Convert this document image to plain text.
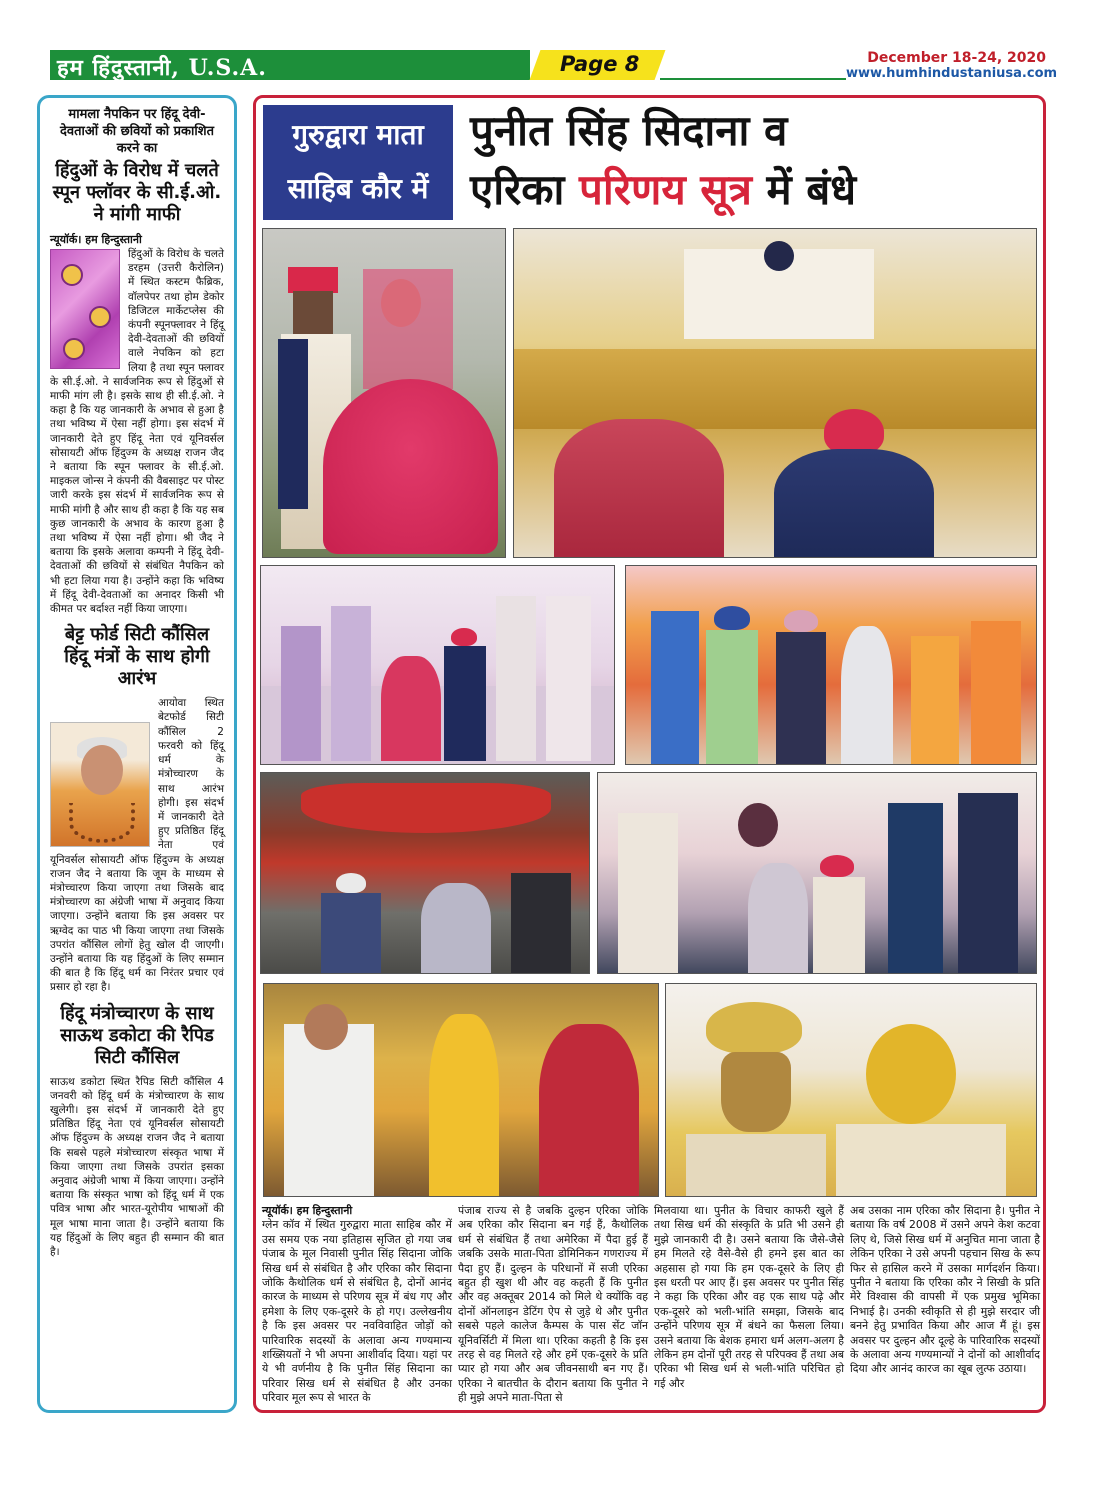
हम हिंदुस्तानी, U.S.A.	Page 8	December 18-24, 2020
www.humhindustaniusa.com
मामला नैपकिन पर हिंदू देवी-देवताओं की छवियों को प्रकाशित करने का
हिंदुओं के विरोध में चलते स्पून फ्लॉवर के सी.ई.ओ. ने मांगी माफी
न्यूयॉर्क। हम हिन्दुस्तानी
हिंदुओं के विरोध के चलते डरहम (उत्तरी कैरोलिन) में स्थित कस्टम फैब्रिक, वॉलपेपर तथा होम डेकोर डिजिटल मार्केटप्लेस की कंपनी स्पूनफ्लावर ने हिंदू देवी-देवताओं की छवियों वाले नेपकिन को हटा लिया है तथा स्पून फ्लावर के सी.ई.ओ. ने सार्वजनिक रूप से हिंदुओं से माफी मांग ली है। इसके साथ ही सी.ई.ओ. ने कहा है कि यह जानकारी के अभाव से हुआ है तथा भविष्य में ऐसा नहीं होगा। इस संदर्भ में जानकारी देते हुए हिंदू नेता एवं यूनिवर्सल सोसायटी ऑफ हिंदुज्म के अध्यक्ष राजन जैद ने बताया कि स्पून फ्लावर के सी.ई.ओ. माइकल जोन्स ने कंपनी की वैबसाइट पर पोस्ट जारी करके इस संदर्भ में सार्वजनिक रूप से माफी मांगी है और साथ ही कहा है कि यह सब कुछ जानकारी के अभाव के कारण हुआ है तथा भविष्य में ऐसा नहीं होगा। श्री जैद ने बताया कि इसके अलावा कम्पनी ने हिंदू देवी-देवताओं की छवियों से संबंधित नैपकिन को भी हटा लिया गया है। उन्होंने कहा कि भविष्य में हिंदू देवी-देवताओं का अनादर किसी भी कीमत पर बर्दाश्त नहीं किया जाएगा।
बेट्ट फोर्ड सिटी कौंसिल हिंदू मंत्रों के साथ होगी आरंभ
आयोवा स्थित बेटफोर्ड सिटी कौंसिल 2 फरवरी को हिंदू धर्म के मंत्रोच्चारण के साथ आरंभ होगी। इस संदर्भ में जानकारी देते हुए प्रतिष्ठित हिंदू नेता एवं यूनिवर्सल सोसायटी ऑफ हिंदुज्म के अध्यक्ष राजन जैद ने बताया कि जूम के माध्यम से मंत्रोच्चारण किया जाएगा तथा जिसके बाद मंत्रोच्चारण का अंग्रेजी भाषा में अनुवाद किया जाएगा। उन्होंने बताया कि इस अवसर पर ऋग्वेद का पाठ भी किया जाएगा तथा जिसके उपरांत कौंसिल लोगों हेतु खोल दी जाएगी। उन्होंने बताया कि यह हिंदुओं के लिए सम्मान की बात है कि हिंदू धर्म का निरंतर प्रचार एवं प्रसार हो रहा है।
हिंदू मंत्रोच्चारण के साथ साऊथ डकोटा की रैपिड सिटी कौंसिल
साऊथ डकोटा स्थित रैपिड सिटी कौंसिल 4 जनवरी को हिंदू धर्म के मंत्रोच्चारण के साथ खुलेगी। इस संदर्भ में जानकारी देते हुए प्रतिष्ठित हिंदू नेता एवं यूनिवर्सल सोसायटी ऑफ हिंदुज्म के अध्यक्ष राजन जैद ने बताया कि सबसे पहले मंत्रोच्चारण संस्कृत भाषा में किया जाएगा तथा जिसके उपरांत इसका अनुवाद अंग्रेजी भाषा में किया जाएगा। उन्होंने बताया कि संस्कृत भाषा को हिंदू धर्म में एक पवित्र भाषा और भारत-यूरोपीय भाषाओं की मूल भाषा माना जाता है। उन्होंने बताया कि यह हिंदुओं के लिए बहुत ही सम्मान की बात है।
गुरुद्वारा माता साहिब कौर में
पुनीत सिंह सिदाना व
एरिका परिणय सूत्र में बंधे
न्यूयॉर्क। हम हिन्दुस्तानी
ग्लेन कॉव में स्थित गुरुद्वारा माता साहिब कौर में उस समय एक नया इतिहास सृजित हो गया जब पंजाब के मूल निवासी पुनीत सिंह सिदाना जोकि सिख धर्म से संबंधित है और एरिका कौर सिदाना जोकि कैथोलिक धर्म से संबंधित है, दोनों आनंद कारज के माध्यम से परिणय सूत्र में बंध गए और हमेशा के लिए एक-दूसरे के हो गए। उल्लेखनीय है कि इस अवसर पर नवविवाहित जोड़ों को पारिवारिक सदस्यों के अलावा अन्य गण्यमान्य शख्सियतों ने भी अपना आशीर्वाद दिया। यहां पर ये भी वर्णनीय है कि पुनीत सिंह सिदाना का परिवार सिख धर्म से संबंधित है और उनका परिवार मूल रूप से भारत के
पंजाब राज्य से है जबकि दुल्हन एरिका जोकि अब एरिका कौर सिदाना बन गई हैं, कैथोलिक धर्म से संबंधित हैं तथा अमेरिका में पैदा हुई हैं जबकि उसके माता-पिता डोमिनिकन गणराज्य में पैदा हुए हैं। दुल्हन के परिधानों में सजी एरिका बहुत ही खुश थी और वह कहती हैं कि पुनीत और वह अक्तूबर 2014 को मिले थे क्योंकि वह दोनों ऑनलाइन डेटिंग ऐप से जुड़े थे और पुनीत सबसे पहले कालेज कैम्पस के पास सेंट जॉन यूनिवर्सिटी में मिला था। एरिका कहती है कि इस तरह से वह मिलते रहे और हमें एक-दूसरे के प्रति प्यार हो गया और अब जीवनसाथी बन गए हैं। एरिका ने बातचीत के दौरान बताया कि पुनीत ने ही मुझे अपने माता-पिता से
मिलवाया था। पुनीत के विचार काफरी खुले हैं तथा सिख धर्म की संस्कृति के प्रति भी उसने ही मुझे जानकारी दी है। उसने बताया कि जैसे-जैसे हम मिलते रहे वैसे-वैसे ही हमने इस बात का अहसास हो गया कि हम एक-दूसरे के लिए ही इस धरती पर आए हैं। इस अवसर पर पुनीत सिंह ने कहा कि एरिका और वह एक साथ पढ़े और एक-दूसरे को भली-भांति समझा, जिसके बाद उन्होंने परिणय सूत्र में बंधने का फैसला लिया। उसने बताया कि बेशक हमारा धर्म अलग-अलग है लेकिन हम दोनों पूरी तरह से परिपक्व हैं तथा अब एरिका भी सिख धर्म से भली-भांति परिचित हो गई और
अब उसका नाम एरिका कौर सिदाना है। पुनीत ने बताया कि वर्ष 2008 में उसने अपने केश कटवा लिए थे, जिसे सिख धर्म में अनुचित माना जाता है लेकिन एरिका ने उसे अपनी पहचान सिख के रूप फिर से हासिल करने में उसका मार्गदर्शन किया। पुनीत ने बताया कि एरिका कौर ने सिखी के प्रति मेरे विश्वास की वापसी में एक प्रमुख भूमिका निभाई है। उनकी स्वीकृति से ही मुझे सरदार जी बनने हेतु प्रभावित किया और आज मैं हूं। इस अवसर पर दुल्हन और दूल्हे के पारिवारिक सदस्यों के अलावा अन्य गण्यमान्यों ने दोनों को आशीर्वाद दिया और आनंद कारज का खूब लुत्फ उठाया।
